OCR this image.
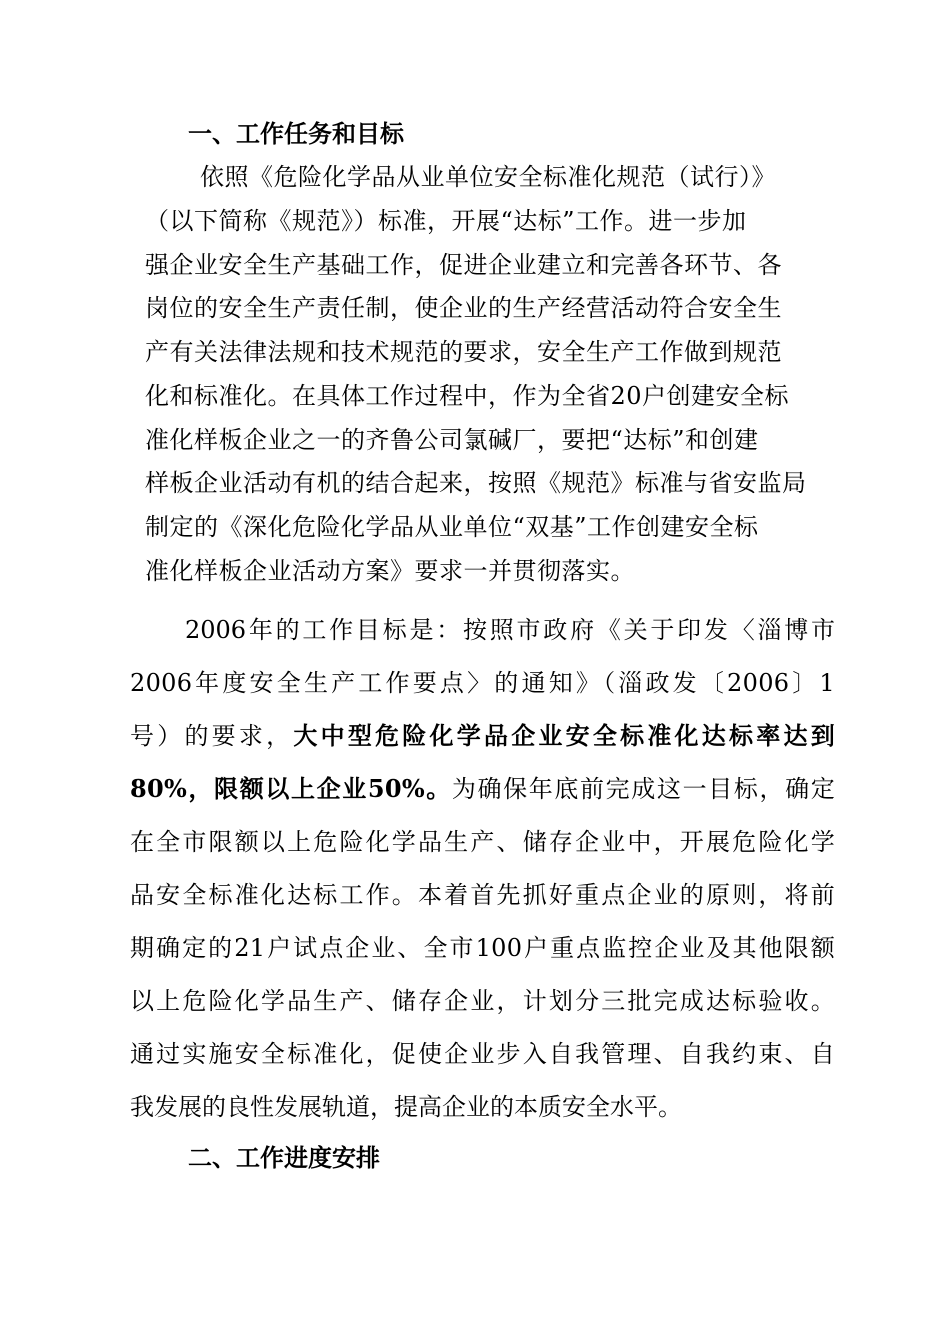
一、工作任务和目标
依照《危险化学品从业单位安全标准化规范（试行）》
（以下简称《规范》）标准，开展“达标”工作。进一步加
强企业安全生产基础工作，促进企业建立和完善各环节、各
岗位的安全生产责任制，使企业的生产经营活动符合安全生
产有关法律法规和技术规范的要求，安全生产工作做到规范
化和标准化。在具体工作过程中，作为全省20户创建安全标
准化样板企业之一的齐鲁公司氯碱厂，要把“达标”和创建
样板企业活动有机的结合起来，按照《规范》标准与省安监局
制定的《深化危险化学品从业单位“双基”工作创建安全标
准化样板企业活动方案》要求一并贯彻落实。
2006年的工作目标是：按照市政府《关于印发〈淄博市
2006年度安全生产工作要点〉的通知》（淄政发〔2006〕1
号）的要求，大中型危险化学品企业安全标准化达标率达到
80%，限额以上企业50%。为确保年底前完成这一目标，确定
在全市限额以上危险化学品生产、储存企业中，开展危险化学
品安全标准化达标工作。本着首先抓好重点企业的原则，将前
期确定的21户试点企业、全市100户重点监控企业及其他限额
以上危险化学品生产、储存企业，计划分三批完成达标验收。
通过实施安全标准化，促使企业步入自我管理、自我约束、自
我发展的良性发展轨道，提高企业的本质安全水平。
二、工作进度安排
